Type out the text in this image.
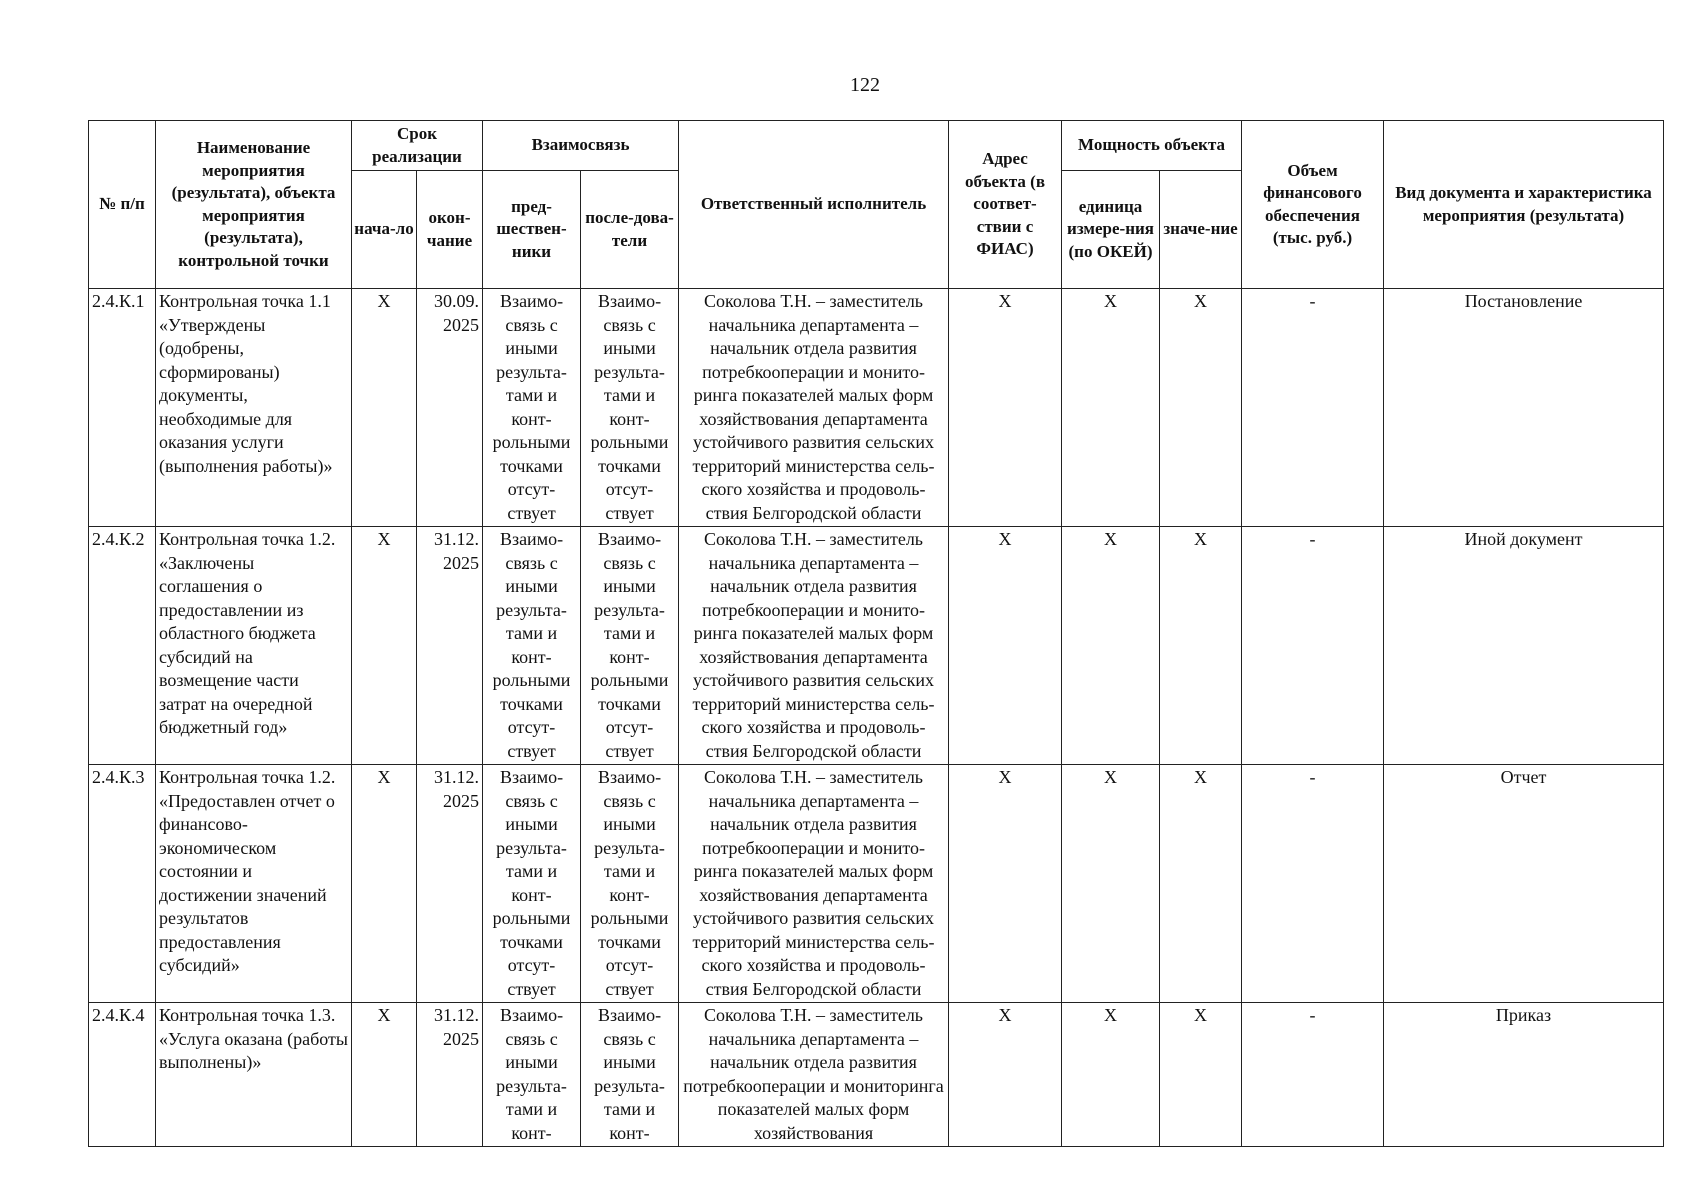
122
№ п/п	Наименование мероприятия (результата), объекта мероприятия (результата), контрольной точки	Срок реализации		Взаимосвязь		Ответственный исполнитель	Адрес объекта (в соответ-ствии с ФИАС)	Мощность объекта		Объем финансового обеспечения (тыс. руб.)	Вид документа и характеристика мероприятия (результата)
		нача-ло	окон-чание	пред-шествен-ники	после-дова-тели			единица измере-ния (по ОКЕЙ)	значе-ние		
2.4.К.1	Контрольная точка 1.1 «Утверждены (одобрены, сформированы) документы, необходимые для оказания услуги (выполнения работы)»	X	30.09. 2025	Взаимо-связь с иными результа-тами и конт-рольными точками отсут-ствует	Взаимо-связь с иными результа-тами и конт-рольными точками отсут-ствует	Соколова Т.Н. – заместитель начальника департамента – начальник отдела развития потребкооперации и монито-ринга показателей малых форм хозяйствования департамента устойчивого развития сельских территорий министерства сель-ского хозяйства и продоволь-ствия Белгородской области	X	X	X	-	Постановление
2.4.К.2	Контрольная точка 1.2. «Заключены соглашения о предоставлении из областного бюджета субсидий на возмещение части затрат на очередной бюджетный год»	X	31.12. 2025	Взаимо-связь с иными результа-тами и конт-рольными точками отсут-ствует	Взаимо-связь с иными результа-тами и конт-рольными точками отсут-ствует	Соколова Т.Н. – заместитель начальника департамента – начальник отдела развития потребкооперации и монито-ринга показателей малых форм хозяйствования департамента устойчивого развития сельских территорий министерства сель-ского хозяйства и продоволь-ствия Белгородской области	X	X	X	-	Иной документ
2.4.К.3	Контрольная точка 1.2. «Предоставлен отчет о финансово-экономическом состоянии и достижении значений результатов предоставления субсидий»	X	31.12. 2025	Взаимо-связь с иными результа-тами и конт-рольными точками отсут-ствует	Взаимо-связь с иными результа-тами и конт-рольными точками отсут-ствует	Соколова Т.Н. – заместитель начальника департамента – начальник отдела развития потребкооперации и монито-ринга показателей малых форм хозяйствования департамента устойчивого развития сельских территорий министерства сель-ского хозяйства и продоволь-ствия Белгородской области	X	X	X	-	Отчет
2.4.К.4	Контрольная точка 1.3. «Услуга оказана (работы выполнены)»	X	31.12. 2025	Взаимо-связь с иными результа-тами и конт-	Взаимо-связь с иными результа-тами и конт-	Соколова Т.Н. – заместитель начальника департамента – начальник отдела развития потребкооперации и мониторинга показателей малых форм хозяйствования	X	X	X	-	Приказ
